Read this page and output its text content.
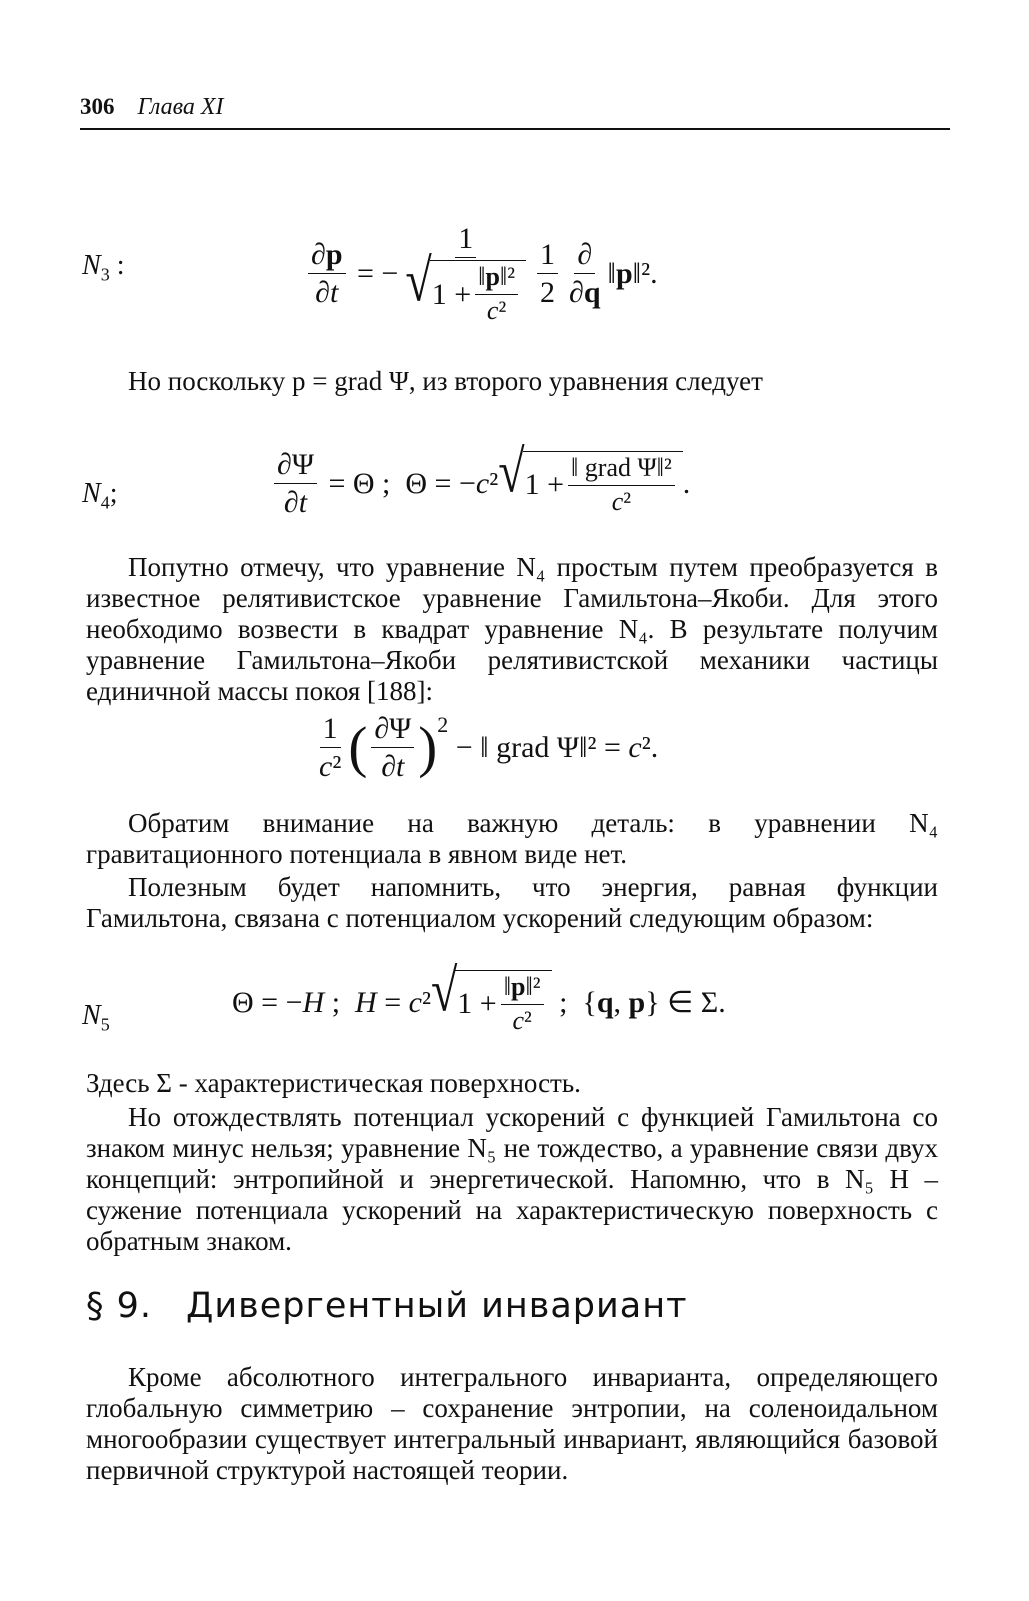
306 Глава XI
$N_3$ :	$\frac{\partial p}{\partial t}$ = − $\frac{1}{√ 1 + \frac{\text{‖p‖²}}{\text{c²}}} \frac{1}{2} \frac{\partial}{\partial q}$ ‖p‖².
Но поскольку p = grad Ψ, из второго уравнения следует
$N_4$;	$\frac{\partial\Psi}{\partial t} = \Theta$ ;  Θ = −c² √ $1 + \frac{\text{‖ grad Ψ‖²}}{\text{c²}}$ .
Попутно отмечу, что уравнение N₄ простым путем преобразуется в известное релятивистское уравнение Гамильтона–Якоби. Для этого необходимо возвести в квадрат уравнение N₄. В результате получим уравнение Гамильтона–Якоби релятивистской механики частицы единичной массы покоя [188]:
$\frac{1}{\text{c²}}$ ( $\frac{\partial\Psi}{\partial t}$ ) 2
− ‖ grad Ψ‖² = c².
Обратим внимание на важную деталь: в уравнении N₄ гравитационного потенциала в явном виде нет.
Полезным будет напомнить, что энергия, равная функции Гамильтона, связана с потенциалом ускорений следующим образом:
$N_5$
Θ = −H ;  H = c² √ $1 + \frac{\text{‖p‖²}}{\text{c²}}$ ;  {q, p} ∈ Σ.
Здесь Σ - характеристическая поверхность.
Но отождествлять потенциал ускорений с функцией Гамильтона со знаком минус нельзя; уравнение N₅ не тождество, а уравнение связи двух концепций: энтропийной и энергетической. Напомню, что в N₅ H – сужение потенциала ускорений на характеристическую поверхность с обратным знаком.
§ 9. Дивергентный инвариант
Кроме абсолютного интегрального инварианта, определяющего глобальную симметрию – сохранение энтропии, на соленоидальном многообразии существует интегральный инвариант, являющийся базовой первичной структурой настоящей теории.
